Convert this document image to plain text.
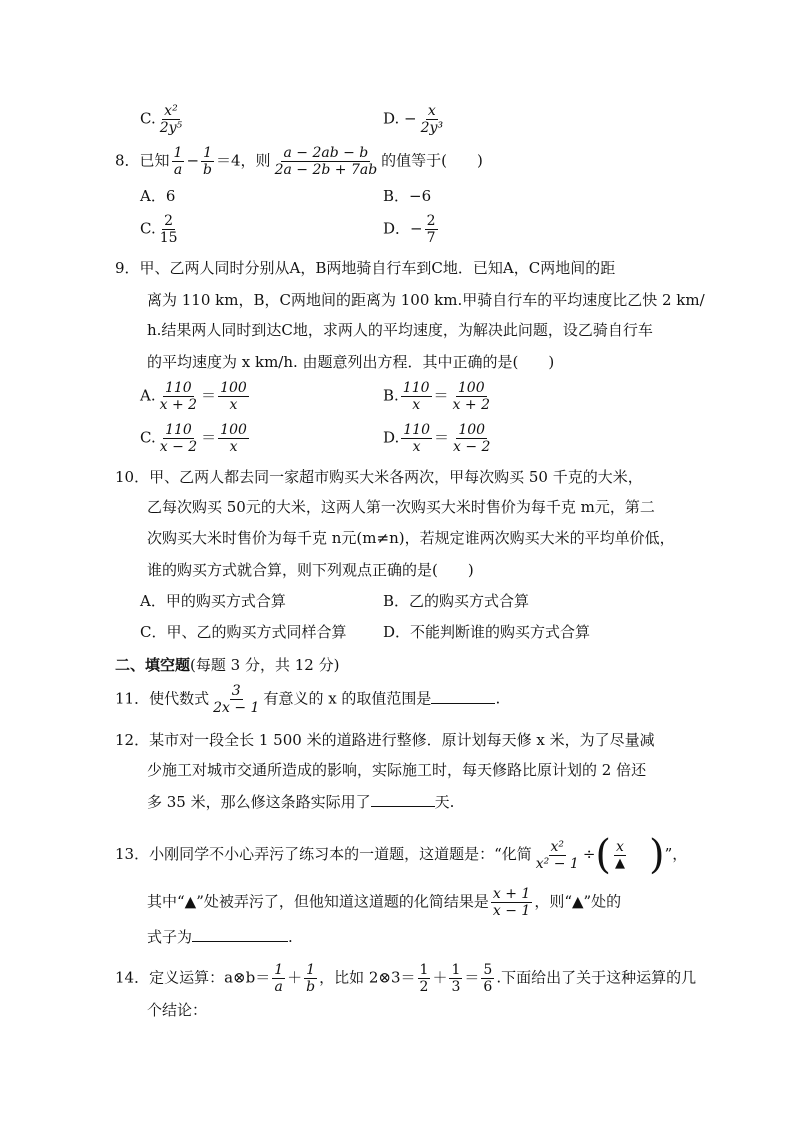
C. $\frac{\text{x²}}{\text{2y⁵}}$	D. − $\frac{x}{\text{2y³}}$
8．已知 $\frac{1}{a} - \frac{1}{b} =4$，则 $\frac{a - 2ab - b}{2a - 2b + 7ab}$ 的值等于(　　)
A．6	B．−6
C. $\frac{2}{15}$	D．− $\frac{2}{7}$
9．甲、乙两人同时分别从A，B两地骑自行车到C地．已知A，C两地间的距
离为 110 km，B，C两地间的距离为 100 km.甲骑自行车的平均速度比乙快 2 km/
h.结果两人同时到达C地，求两人的平均速度，为解决此问题，设乙骑自行车
的平均速度为 x km/h. 由题意列出方程．其中正确的是(　　)
A. $\frac{110}{x + 2} = \frac{100}{x}$	B. $\frac{110}{x} = \frac{100}{x + 2}$
C. $\frac{110}{x - 2} = \frac{100}{x}$	D. $\frac{110}{x} = \frac{100}{x - 2}$
10．甲、乙两人都去同一家超市购买大米各两次，甲每次购买 50 千克的大米，
乙每次购买 50元的大米，这两人第一次购买大米时售价为每千克 m元，第二
次购买大米时售价为每千克 n元(m≠n)，若规定谁两次购买大米的平均单价低，
谁的购买方式就合算，则下列观点正确的是(　　)
A．甲的购买方式合算	B．乙的购买方式合算
C．甲、乙的购买方式同样合算 D．不能判断谁的购买方式合算
二、填空题(每题 3 分，共 12 分)
11．使代数式 $\frac{3}{2x - 1}$ 有意义的 x 的取值范围是	.
12．某市对一段全长 1 500 米的道路进行整修．原计划每天修 x 米，为了尽量减
少施工对城市交通所造成的影响，实际施工时，每天修路比原计划的 2 倍还
多 35 米，那么修这条路实际用了	天.
13．小刚同学不小心弄污了练习本的一道题，这道题是：“化简 $\frac{\text{x²}}{\text{x² − 1}}$ ÷( $\frac{x}{▲}$ )”，
其中“▲”处被弄污了，但他知道这道题的化简结果是 $\frac{x + 1}{x - 1}$ ，则“▲”处的
式子为	.
14．定义运算：a⊗b＝ $\frac{1}{a} + \frac{1}{b}$ ，比如 2⊗3＝ $\frac{1}{2} + \frac{1}{3} = \frac{5}{6}$ .下面给出了关于这种运算的几
个结论：
